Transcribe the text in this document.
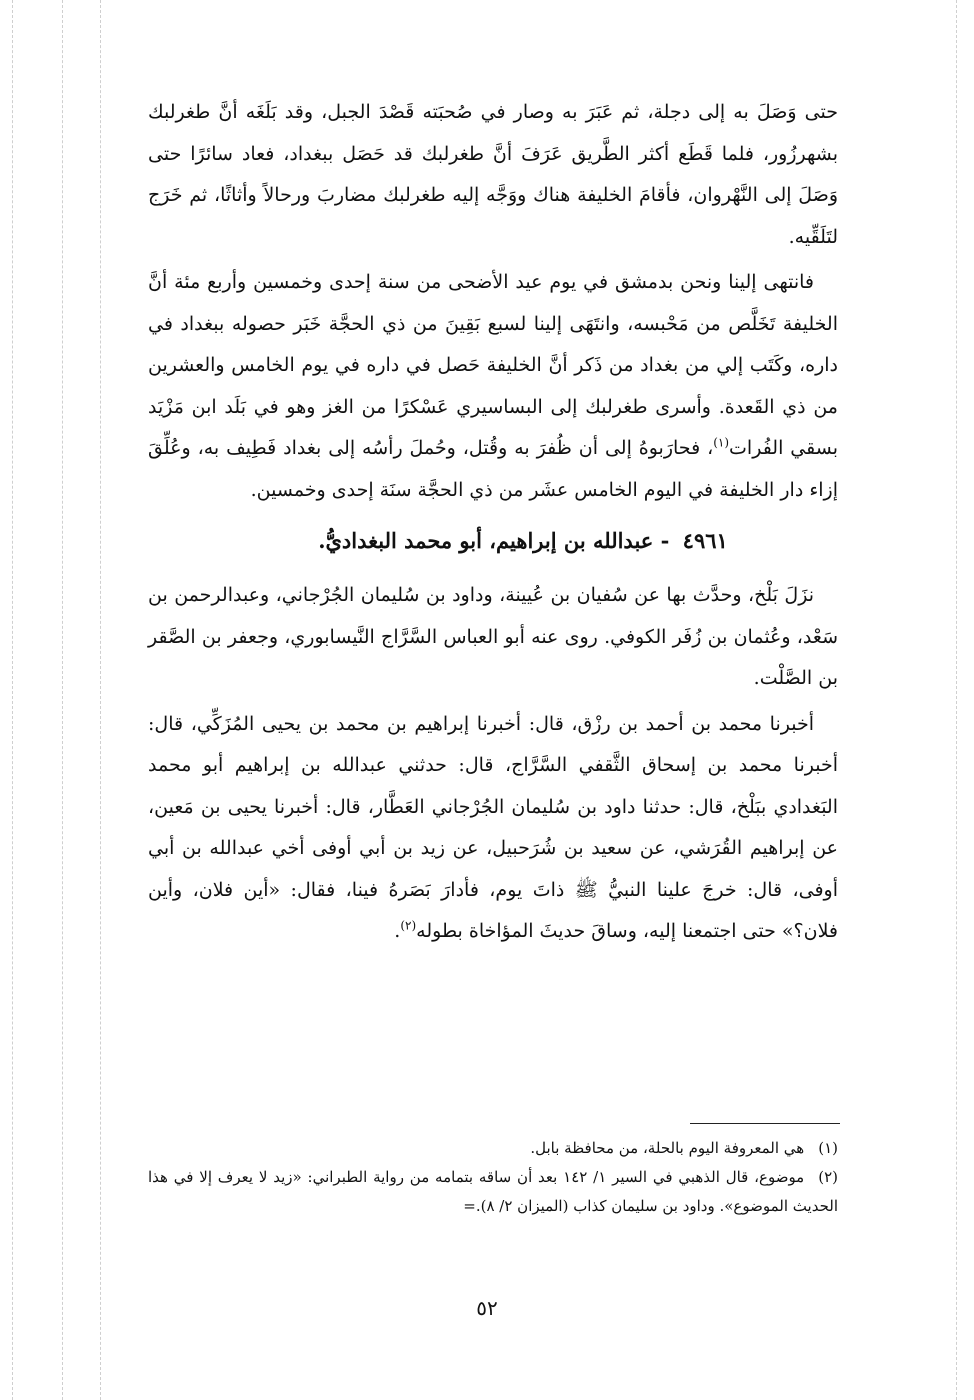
حتى وَصَلَ به إلى دجلة، ثم عَبَرَ به وصار في صُحبَته قَصْدَ الجبل، وقد بَلَغَه أنَّ طغرلبك بشهرزُور، فلما قَطَع أكثر الطَّريق عَرَفَ أنَّ طغرلبك قد حَصَل ببغداد، فعاد سائرًا حتى وَصَلَ إلى النَّهْروان، فأقامَ الخليفة هناك ووَجَّه إليه طغرلبك مضاربَ ورحالاً وأثاثًا، ثم خَرَج لتَلَقِّيه.

فانتهى إلينا ونحن بدمشق في يوم عيد الأضحى من سنة إحدى وخمسين وأربع مئة أنَّ الخليفة تَخَلَّص من مَحْبسه، وانتَهَى إلينا لسبع بَقِينَ من ذي الحجَّة خَبَر حصوله ببغداد في داره، وكَتَب إلي من بغداد من ذَكر أنَّ الخليفة حَصل في داره في يوم الخامس والعشرين من ذي القَعدة. وأسرى طغرلبك إلى البساسيري عَسْكرًا من الغز وهو في بَلَد ابن مَزْيَد بسقي الفُرات$^{(١)}$، فحارَبوهُ إلى أن ظُفرَ به وقُتل، وحُملَ رأسُه إلى بغداد فَطِيف به، وعُلِّقَ إزاء دار الخليفة في اليوم الخامس عشَر من ذي الحجَّة سنَة إحدى وخمسين.

٤٩٦١ - عبدالله بن إبراهيم، أبو محمد البغداديُّ.

نزَلَ بَلْخ، وحدَّث بها عن سُفيان بن عُيينة، وداود بن سُليمان الجُرْجاني، وعبدالرحمن بن سَعْد، وعُثمان بن زُفَر الكوفي. روى عنه أبو العباس السَّرَّاج النَّيسابوري، وجعفر بن الصَّقر بن الصَّلْت.

أخبرنا محمد بن أحمد بن رزْق، قال: أخبرنا إبراهيم بن محمد بن يحيى المُزَكِّي، قال: أخبرنا محمد بن إسحاق الثَّقفي السَّرَّاج، قال: حدثني عبدالله بن إبراهيم أبو محمد البَغدادي ببَلْخ، قال: حدثنا داود بن سُليمان الجُرْجاني العَطَّار، قال: أخبرنا يحيى بن مَعين، عن إبراهيم القُرَشي، عن سعيد بن شُرَحبيل، عن زيد بن أبي أوفى أخي عبدالله بن أبي أوفى، قال: خرجَ علينا النبيُّ ﷺ ذاتَ يوم، فأدارَ بَصَرهُ فينا، فقال: «أين فلان، وأين فلان؟» حتى اجتمعنا إليه، وساقَ حديثَ المؤاخاة بطوله$^{(٢)}$.

(١)هي المعروفة اليوم بالحلة، من محافظة بابل.

(٢)موضوع، قال الذهبي في السير ١/ ١٤٢ بعد أن ساقه بتمامه من رواية الطبراني: «زيد لا يعرف إلا في هذا الحديث الموضوع». وداود بن سليمان كذاب (الميزان ٢/ ٨).=

٥٢
